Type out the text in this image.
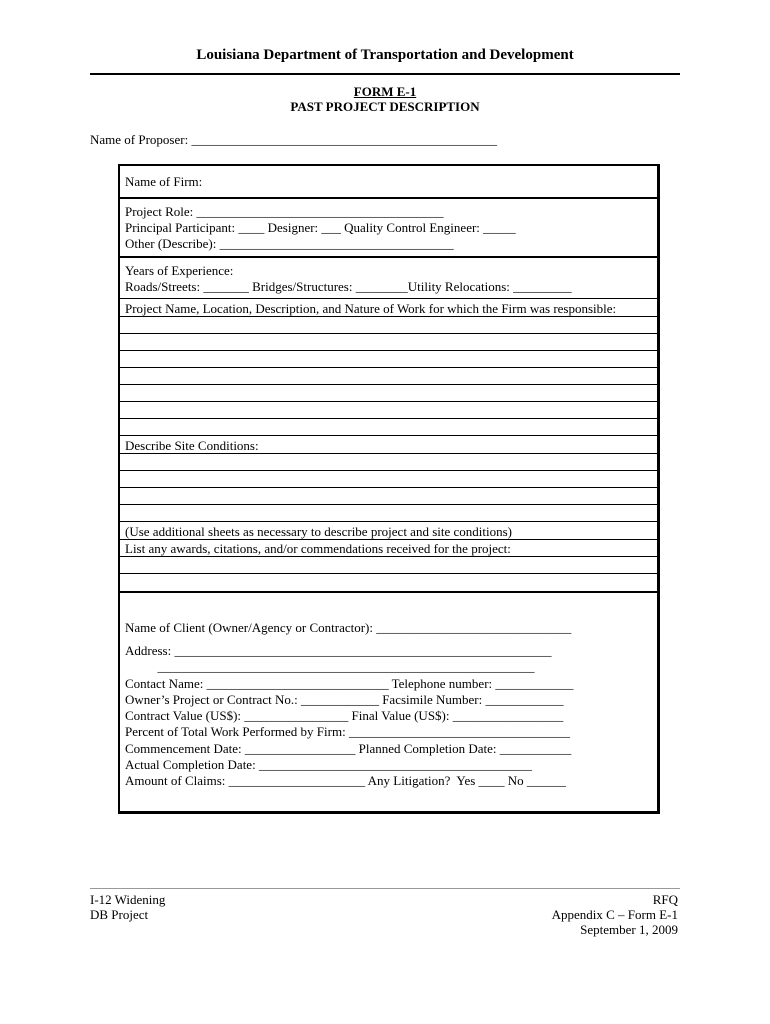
Louisiana Department of Transportation and Development
FORM E-1
PAST PROJECT DESCRIPTION
Name of Proposer: _______________________________________________
Name of Firm:
Project Role: ______________________________________
Principal Participant: ____ Designer: ___ Quality Control Engineer: _____
Other (Describe): ____________________________________
Years of Experience:
Roads/Streets: _______ Bridges/Structures: ________Utility Relocations: _________
Project Name, Location, Description, and Nature of Work for which the Firm was responsible:
Describe Site Conditions:
(Use additional sheets as necessary to describe project and site conditions)
List any awards, citations, and/or commendations received for the project:
Name of Client (Owner/Agency or Contractor): ______________________________
Address: __________________________________________________________
__________________________________________________________
Contact Name: ____________________________ Telephone number: ____________
Owner’s Project or Contract No.: ____________ Facsimile Number: ____________
Contract Value (US$): ________________ Final Value (US$): _________________
Percent of Total Work Performed by Firm: __________________________________
Commencement Date: _________________ Planned Completion Date: ___________
Actual Completion Date: __________________________________________
Amount of Claims: _____________________ Any Litigation?  Yes ____ No ______
I-12 Widening
DB Project
RFQ
Appendix C – Form E-1
September 1, 2009
